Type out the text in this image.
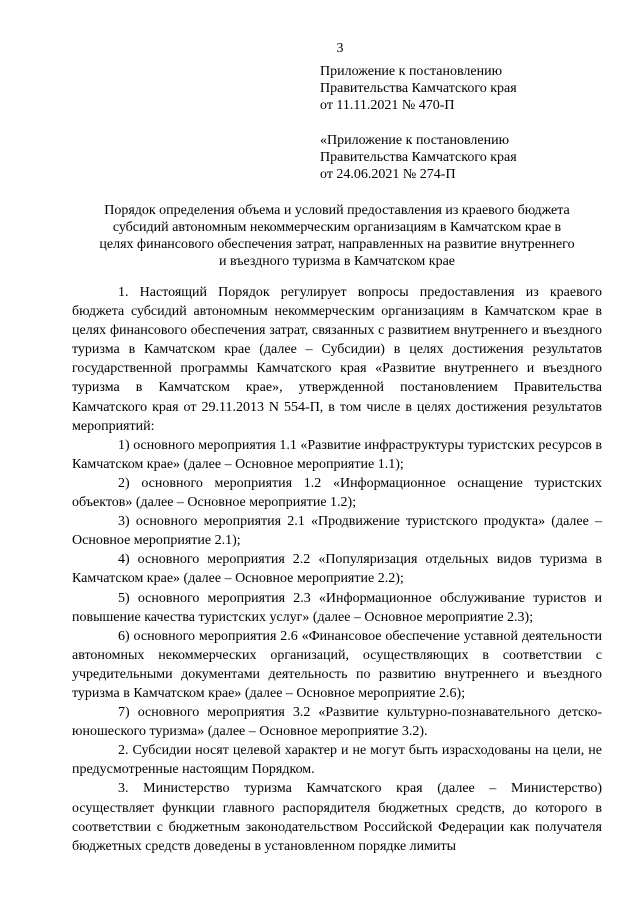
3
Приложение к постановлению
Правительства Камчатского края
от 11.11.2021 № 470-П
«Приложение к постановлению
Правительства Камчатского края
от 24.06.2021 № 274-П
Порядок определения объема и условий предоставления из краевого бюджета
субсидий автономным некоммерческим организациям в Камчатском крае в
целях финансового обеспечения затрат, направленных на развитие внутреннего
и въездного туризма в Камчатском крае

1. Настоящий Порядок регулирует вопросы предоставления из краевого бюджета субсидий автономным некоммерческим организациям в Камчатском крае в целях финансового обеспечения затрат, связанных с развитием внутреннего и въездного туризма в Камчатском крае (далее – Субсидии) в целях достижения результатов государственной программы Камчатского края «Развитие внутреннего и въездного туризма в Камчатском крае», утвержденной постановлением Правительства Камчатского края от 29.11.2013 N 554-П, в том числе в целях достижения результатов мероприятий:

1) основного мероприятия 1.1 «Развитие инфраструктуры туристских ресурсов в Камчатском крае» (далее – Основное мероприятие 1.1);

2) основного мероприятия 1.2 «Информационное оснащение туристских объектов» (далее – Основное мероприятие 1.2);

3) основного мероприятия 2.1 «Продвижение туристского продукта» (далее – Основное мероприятие 2.1);

4) основного мероприятия 2.2 «Популяризация отдельных видов туризма в Камчатском крае» (далее – Основное мероприятие 2.2);

5) основного мероприятия 2.3 «Информационное обслуживание туристов и повышение качества туристских услуг» (далее – Основное мероприятие 2.3);

6) основного мероприятия 2.6 «Финансовое обеспечение уставной деятельности автономных некоммерческих организаций, осуществляющих в соответствии с учредительными документами деятельность по развитию внутреннего и въездного туризма в Камчатском крае» (далее – Основное мероприятие 2.6);

7) основного мероприятия 3.2 «Развитие культурно-познавательного детско-юношеского туризма» (далее – Основное мероприятие 3.2).

2. Субсидии носят целевой характер и не могут быть израсходованы на цели, не предусмотренные настоящим Порядком.

3. Министерство туризма Камчатского края (далее – Министерство) осуществляет функции главного распорядителя бюджетных средств, до которого в соответствии с бюджетным законодательством Российской Федерации как получателя бюджетных средств доведены в установленном порядке лимиты
